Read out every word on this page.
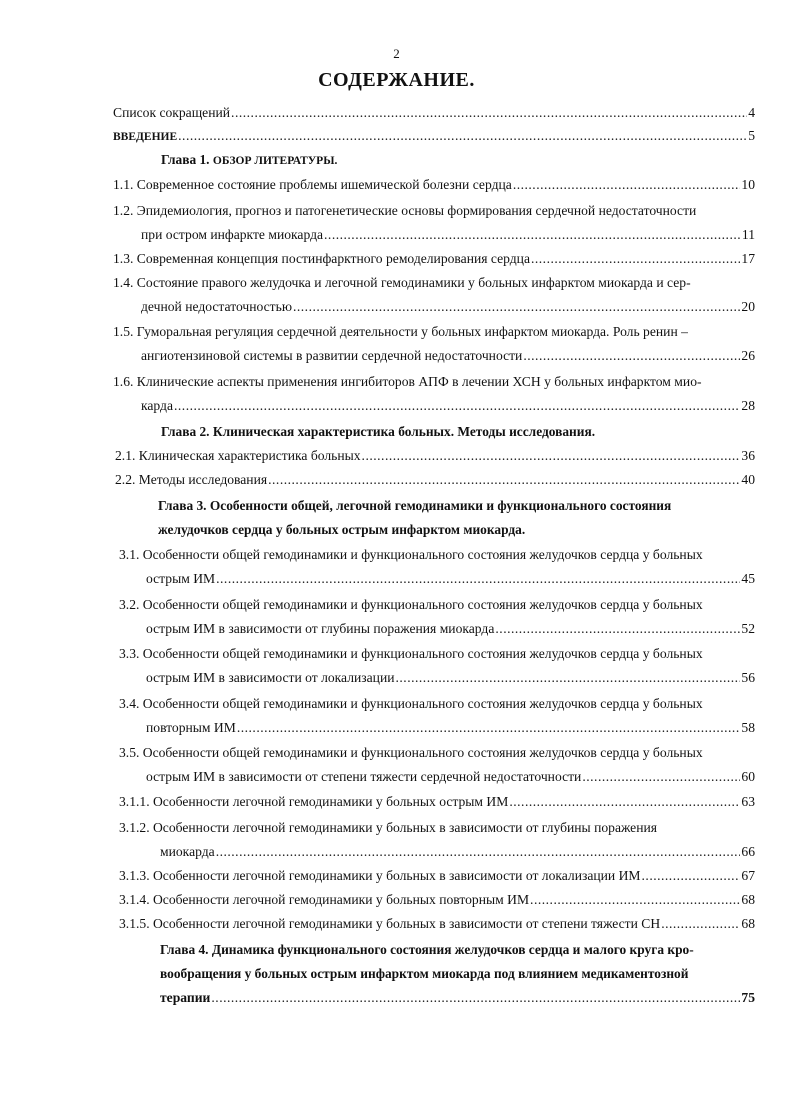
2
СОДЕРЖАНИЕ.
Список сокращений .....	4
ВВЕДЕНИЕ .....	5
Глава 1. ОБЗОР ЛИТЕРАТУРЫ.
1.1. Современное состояние проблемы ишемической болезни сердца .....	10
1.2. Эпидемиология, прогноз и патогенетические основы формирования сердечной недостаточности
при остром инфаркте миокарда .....	11
1.3. Современная концепция постинфарктного ремоделирования сердца .....	17
1.4. Состояние правого желудочка и легочной гемодинамики у больных инфарктом миокарда и сер-
дечной недостаточностью .....	20
1.5. Гуморальная регуляция сердечной деятельности у больных инфарктом миокарда. Роль ренин –
ангиотензиновой системы в развитии сердечной недостаточности .....	26
1.6. Клинические аспекты применения ингибиторов АПФ в лечении ХСН у больных инфарктом мио-
карда .....	28
Глава 2. Клиническая характеристика больных. Методы исследования.
2.1. Клиническая характеристика больных .....	36
2.2. Методы исследования .....	40
Глава 3. Особенности общей, легочной гемодинамики и функционального состояния
желудочков сердца у больных острым инфарктом миокарда.
3.1. Особенности общей гемодинамики и функционального состояния желудочков сердца у больных
острым ИМ .....	45
3.2. Особенности общей гемодинамики и функционального состояния желудочков сердца у больных
острым ИМ в зависимости от глубины поражения миокарда .....	52
3.3. Особенности общей гемодинамики и функционального состояния желудочков сердца у больных
острым ИМ в зависимости от локализации .....	56
3.4. Особенности общей гемодинамики и функционального состояния желудочков сердца у больных
повторным ИМ .....	58
3.5. Особенности общей гемодинамики и функционального состояния желудочков сердца у больных
острым ИМ в зависимости от степени тяжести сердечной недостаточности .....	60
3.1.1. Особенности легочной гемодинамики у больных острым ИМ .....	63
3.1.2. Особенности легочной гемодинамики у больных в зависимости от глубины поражения
миокарда .....	66
3.1.3. Особенности легочной гемодинамики у больных в зависимости от локализации ИМ .....	67
3.1.4. Особенности легочной гемодинамики у больных повторным ИМ .....	68
3.1.5. Особенности легочной гемодинамики у больных в зависимости от степени тяжести СН .....	68
Глава 4. Динамика функционального состояния желудочков сердца и малого круга кро-
вообращения у больных острым инфарктом миокарда под влиянием медикаментозной
терапии .....	75
